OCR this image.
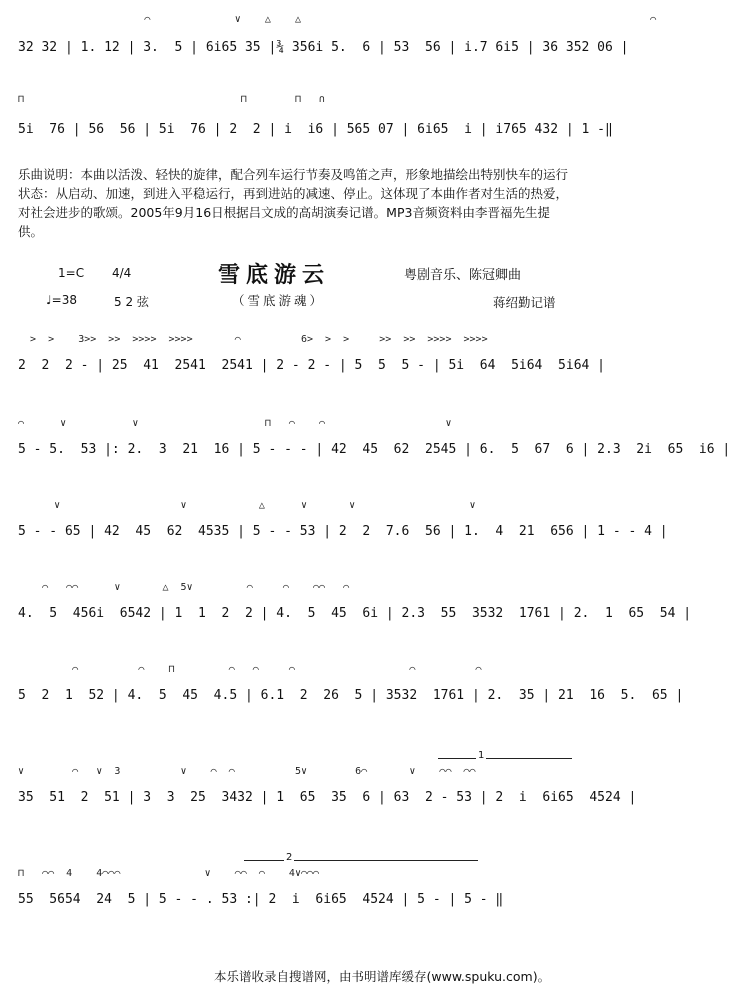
⌒              ∨    △    △                                                          ⌒
32 32 | 1. 12 | 3.  5 | 6i65 35 |¾ 356i 5.  6 | 53  56 | i.7 6i5 | 36 352 06 |
⊓                                    ⊓        ⊓   ∩
5i  76 | 56  56 | 5i  76 | 2  2 | i  i6 | 565 07 | 6i65  i | i765 432 | 1 -‖
乐曲说明：本曲以活泼、轻快的旋律，配合列车运行节奏及鸣笛之声，形象地描绘出特别快车的运行状态：从启动、加速，到进入平稳运行，再到进站的减速、停止。这体现了本曲作者对生活的热爱，对社会进步的歌颂。2005年9月16日根据吕文成的高胡演奏记谱。MP3音频资料由李晋福先生提供。
1=C 4/4
♩=38	5 2 弦
雪底游云
（雪底游魂）
粤剧音乐、陈冠卿曲
蒋绍勤记谱
>  >    3>>  >>  >>>>  >>>>       ⌒          6>  >  >     >>  >>  >>>>  >>>>
2  2  2 - | 25  41  2541  2541 | 2 - 2 - | 5  5  5 - | 5i  64  5i64  5i64 |
⌒      ∨           ∨                     ⊓   ⌒    ⌒                    ∨
5 - 5.  53 |: 2.  3  21  16 | 5 - - - | 42  45  62  2545 | 6.  5  67  6 | 2.3  2i  65  i6 |
∨                    ∨            △      ∨       ∨                   ∨
5 - - 65 | 42  45  62  4535 | 5 - - 53 | 2  2  7.6  56 | 1.  4  21  656 | 1 - - 4 |
⌒   ⌒⌒      ∨       △  5∨         ⌒     ⌒    ⌒⌒   ⌒
4.  5  456i  6542 | 1  1  2  2 | 4.  5  45  6i | 2.3  55  3532  1761 | 2.  1  65  54 |
⌒          ⌒    ⊓         ⌒   ⌒     ⌒                   ⌒          ⌒
5  2  1  52 | 4.  5  45  4.5 | 6.1  2  26  5 | 3532  1761 | 2.  35 | 21  16  5.  65 |
1
∨        ⌒   ∨  3          ∨    ⌒  ⌒          5∨        6⌒       ∨    ⌒⌒  ⌒⌒
35  51  2  51 | 3  3  25  3432 | 1  65  35  6 | 63  2 - 53 | 2  i  6i65  4524 |
2
⊓   ⌒⌒  4    4⌒⌒⌒              ∨    ⌒⌒  ⌒    4∨⌒⌒⌒
55  5654  24  5 | 5 - - . 53 :| 2  i  6i65  4524 | 5 - | 5 - ‖
本乐谱收录自搜谱网，由书明谱库缓存(www.spuku.com)。
